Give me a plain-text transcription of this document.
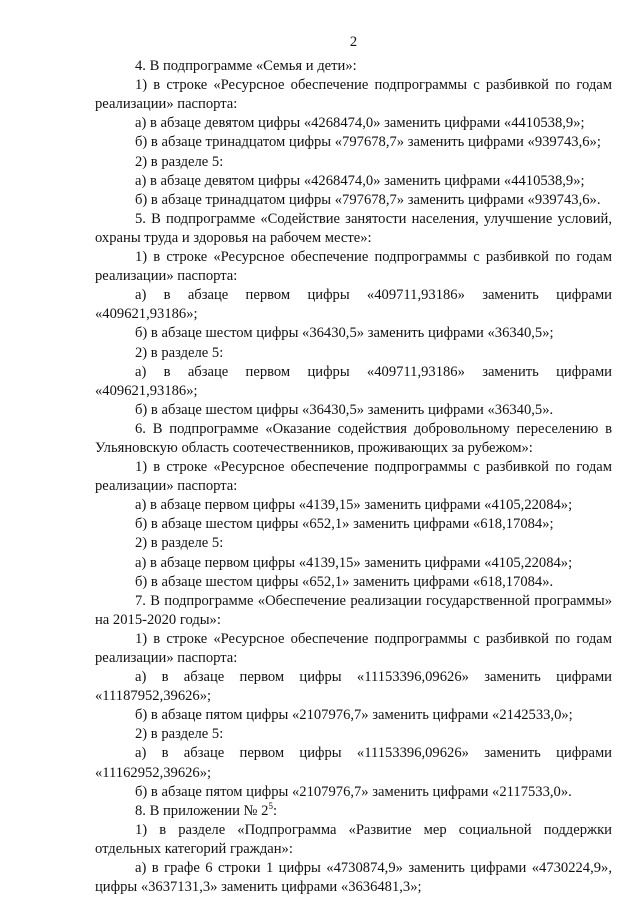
2

4. В подпрограмме «Семья и дети»:

1) в строке «Ресурсное обеспечение подпрограммы с разбивкой по годам реализации» паспорта:

а) в абзаце девятом цифры «4268474,0» заменить цифрами «4410538,9»;

б) в абзаце тринадцатом цифры «797678,7» заменить цифрами «939743,6»;

2) в разделе 5:

а) в абзаце девятом цифры «4268474,0» заменить цифрами «4410538,9»;

б) в абзаце тринадцатом цифры «797678,7» заменить цифрами «939743,6».

5. В подпрограмме «Содействие занятости населения, улучшение условий, охраны труда и здоровья на рабочем месте»:

1) в строке «Ресурсное обеспечение подпрограммы с разбивкой по годам реализации» паспорта:

а) в абзаце первом цифры «409711,93186» заменить цифрами «409621,93186»;

б) в абзаце шестом цифры «36430,5» заменить цифрами «36340,5»;

2) в разделе 5:

а) в абзаце первом цифры «409711,93186» заменить цифрами «409621,93186»;

б) в абзаце шестом цифры «36430,5» заменить цифрами «36340,5».

6. В подпрограмме «Оказание содействия добровольному переселению в Ульяновскую область соотечественников, проживающих за рубежом»:

1) в строке «Ресурсное обеспечение подпрограммы с разбивкой по годам реализации» паспорта:

а) в абзаце первом цифры «4139,15» заменить цифрами «4105,22084»;

б) в абзаце шестом цифры «652,1» заменить цифрами «618,17084»;

2) в разделе 5:

а) в абзаце первом цифры «4139,15» заменить цифрами «4105,22084»;

б) в абзаце шестом цифры «652,1» заменить цифрами «618,17084».

7. В подпрограмме «Обеспечение реализации государственной программы» на 2015-2020 годы»:

1) в строке «Ресурсное обеспечение подпрограммы с разбивкой по годам реализации» паспорта:

а) в абзаце первом цифры «11153396,09626» заменить цифрами «11187952,39626»;

б) в абзаце пятом цифры «2107976,7» заменить цифрами «2142533,0»;

2) в разделе 5:

а) в абзаце первом цифры «11153396,09626» заменить цифрами «11162952,39626»;

б) в абзаце пятом цифры «2107976,7» заменить цифрами «2117533,0».

8. В приложении № $2^5$:

1) в разделе «Подпрограмма «Развитие мер социальной поддержки отдельных категорий граждан»:

а) в графе 6 строки 1 цифры «4730874,9» заменить цифрами «4730224,9», цифры «3637131,3» заменить цифрами «3636481,3»;
